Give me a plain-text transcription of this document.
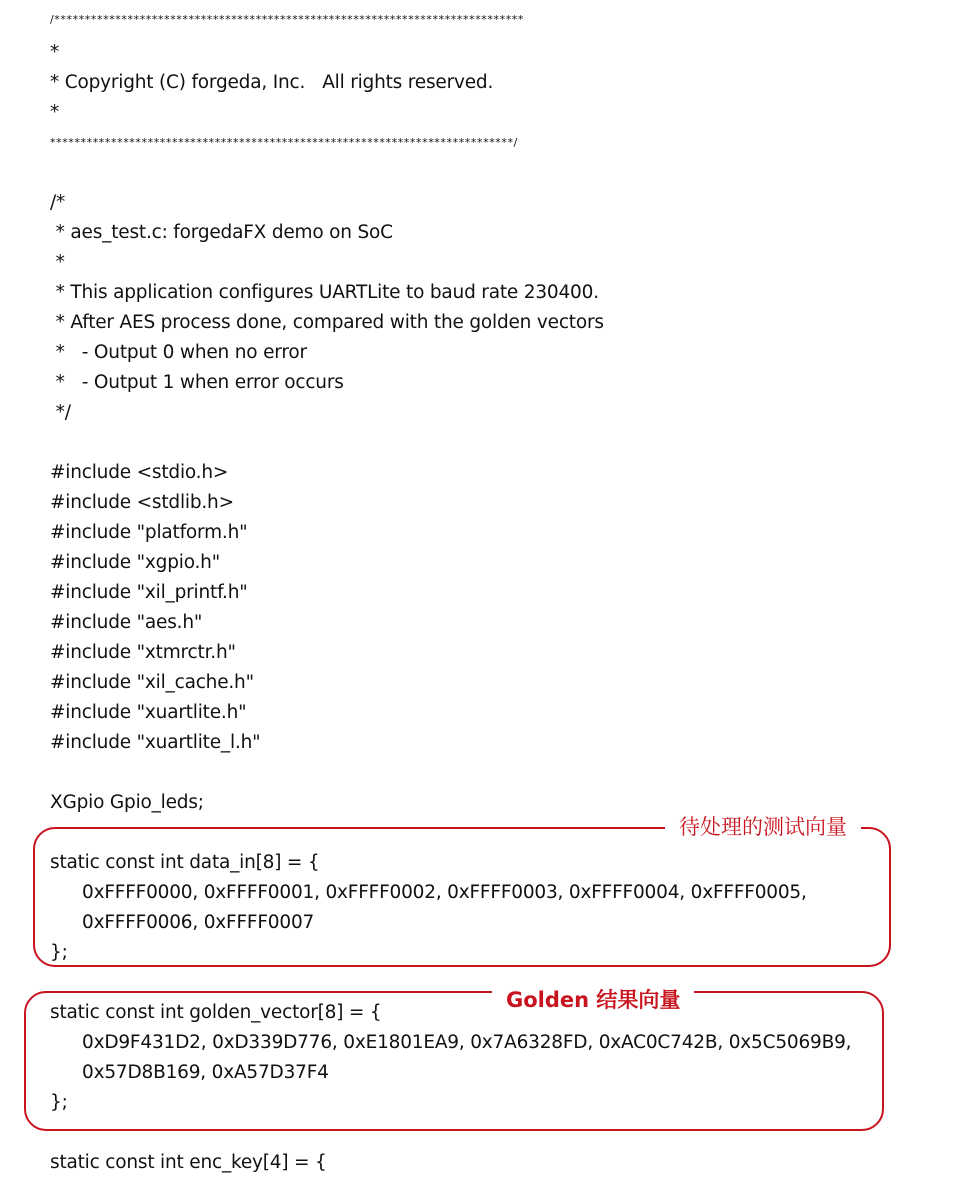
/*****************************************************************************
*
* Copyright (C) forgeda, Inc.   All rights reserved.
*
****************************************************************************/
/*
* aes_test.c: forgedaFX demo on SoC
*
* This application configures UARTLite to baud rate 230400.
* After AES process done, compared with the golden vectors
*   - Output 0 when no error
*   - Output 1 when error occurs
*/
#include <stdio.h>
#include <stdlib.h>
#include "platform.h"
#include "xgpio.h"
#include "xil_printf.h"
#include "aes.h"
#include "xtmrctr.h"
#include "xil_cache.h"
#include "xuartlite.h"
#include "xuartlite_l.h"
XGpio Gpio_leds;
static const int data_in[8] = {
0xFFFF0000, 0xFFFF0001, 0xFFFF0002, 0xFFFF0003, 0xFFFF0004, 0xFFFF0005,
0xFFFF0006, 0xFFFF0007
};
static const int golden_vector[8] = {
0xD9F431D2, 0xD339D776, 0xE1801EA9, 0x7A6328FD, 0xAC0C742B, 0x5C5069B9,
0x57D8B169, 0xA57D37F4
};
static const int enc_key[4] = {
待处理的测试向量
Golden 结果向量
